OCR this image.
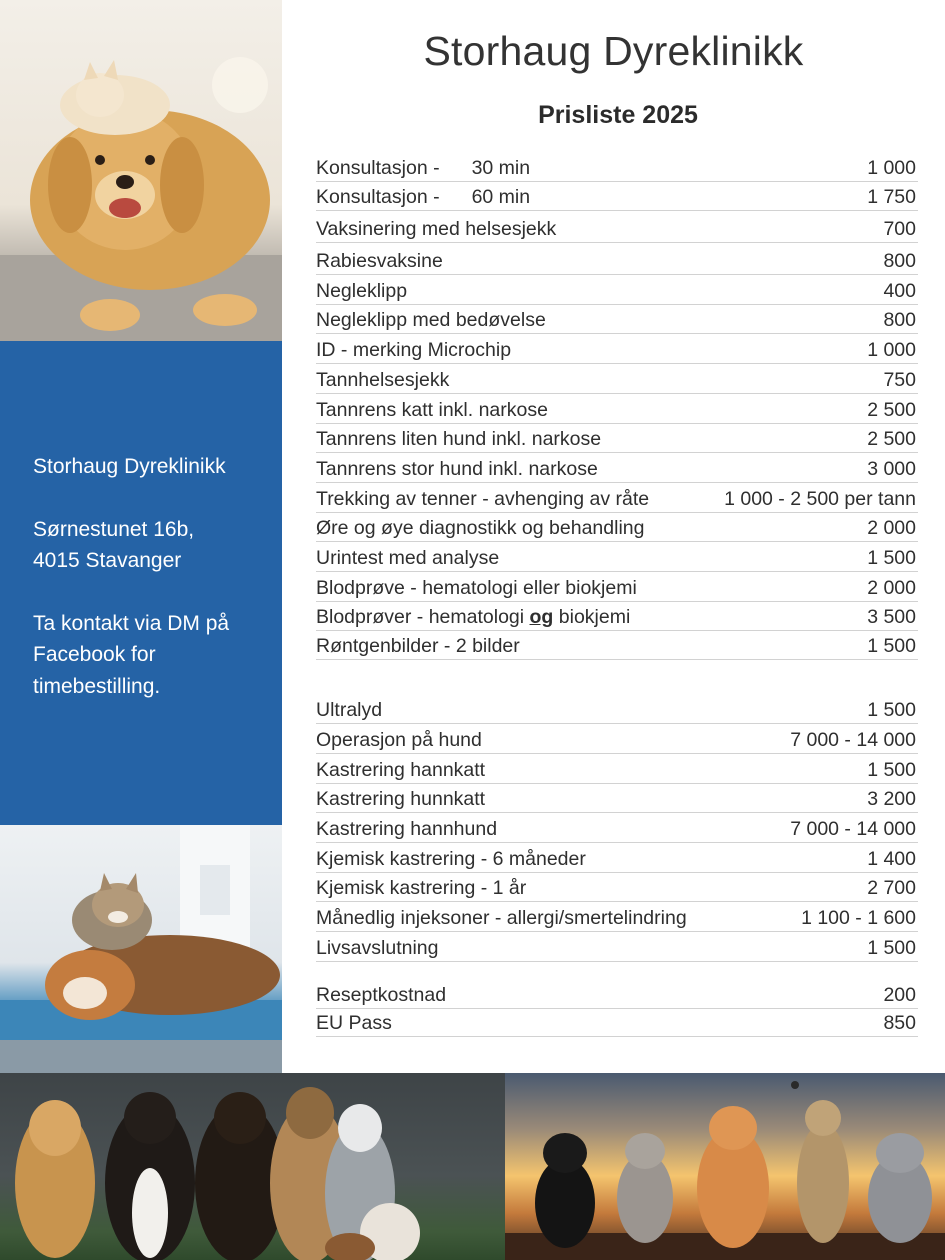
Storhaug Dyreklinikk

Sørnestunet 16b,

4015 Stavanger

Ta kontakt via DM på

Facebook for

timebestilling.

Storhaug Dyreklinikk
Prisliste 2025
Konsultasjon - 30 min	1 000
Konsultasjon - 60 min	1 750
Vaksinering med helsesjekk	700
Rabiesvaksine	800
Negleklipp	400
Negleklipp med bedøvelse	800
ID - merking Microchip	1 000
Tannhelsesjekk	750
Tannrens katt inkl. narkose	2 500
Tannrens liten hund inkl. narkose	2 500
Tannrens stor hund inkl. narkose	3 000
Trekking av tenner - avhenging av råte	1 000 - 2 500 per tann
Øre og øye diagnostikk og behandling	2 000
Urintest med analyse	1 500
Blodprøve - hematologi eller biokjemi	2 000
Blodprøver - hematologi og biokjemi	3 500
Røntgenbilder - 2 bilder	1 500
Ultralyd	1 500
Operasjon på hund	7 000 - 14 000
Kastrering hannkatt	1 500
Kastrering hunnkatt	3 200
Kastrering hannhund	7 000 - 14 000
Kjemisk kastrering - 6 måneder	1 400
Kjemisk kastrering - 1 år	2 700
Månedlig injeksoner - allergi/smertelindring	1 100 - 1 600
Livsavslutning	1 500
Reseptkostnad	200
EU Pass	850
